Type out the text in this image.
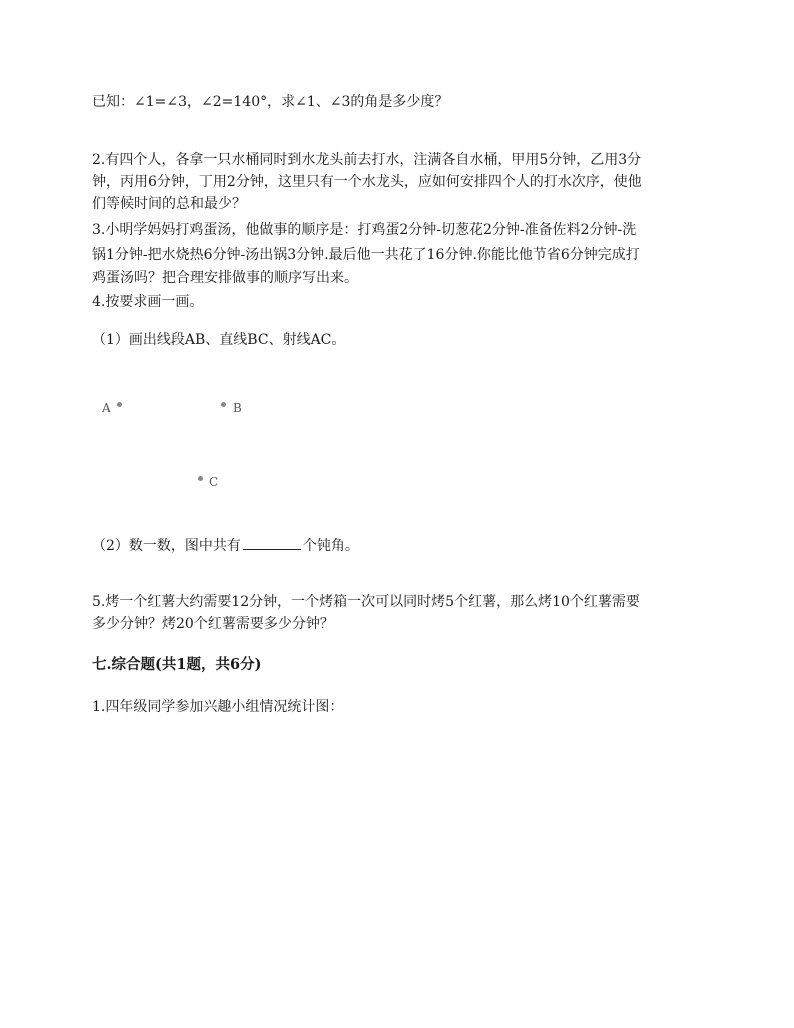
已知：∠1=∠3，∠2=140°，求∠1、∠3的角是多少度？

2.有四个人，各拿一只水桶同时到水龙头前去打水，注满各自水桶，甲用5分钟，乙用3分

钟，丙用6分钟，丁用2分钟，这里只有一个水龙头，应如何安排四个人的打水次序，使他

们等候时间的总和最少？

3.小明学妈妈打鸡蛋汤，他做事的顺序是：打鸡蛋2分钟-切葱花2分钟-准备佐料2分钟-洗

锅1分钟-把水烧热6分钟-汤出锅3分钟.最后他一共花了16分钟.你能比他节省6分钟完成打

鸡蛋汤吗？把合理安排做事的顺序写出来。

4.按要求画一画。

（1）画出线段AB、直线BC、射线AC。

A	B
C

（2）数一数，图中共有	个钝角。

5.烤一个红薯大约需要12分钟，一个烤箱一次可以同时烤5个红薯，那么烤10个红薯需要

多少分钟？烤20个红薯需要多少分钟？

七.综合题(共1题，共6分)

1.四年级同学参加兴趣小组情况统计图：
